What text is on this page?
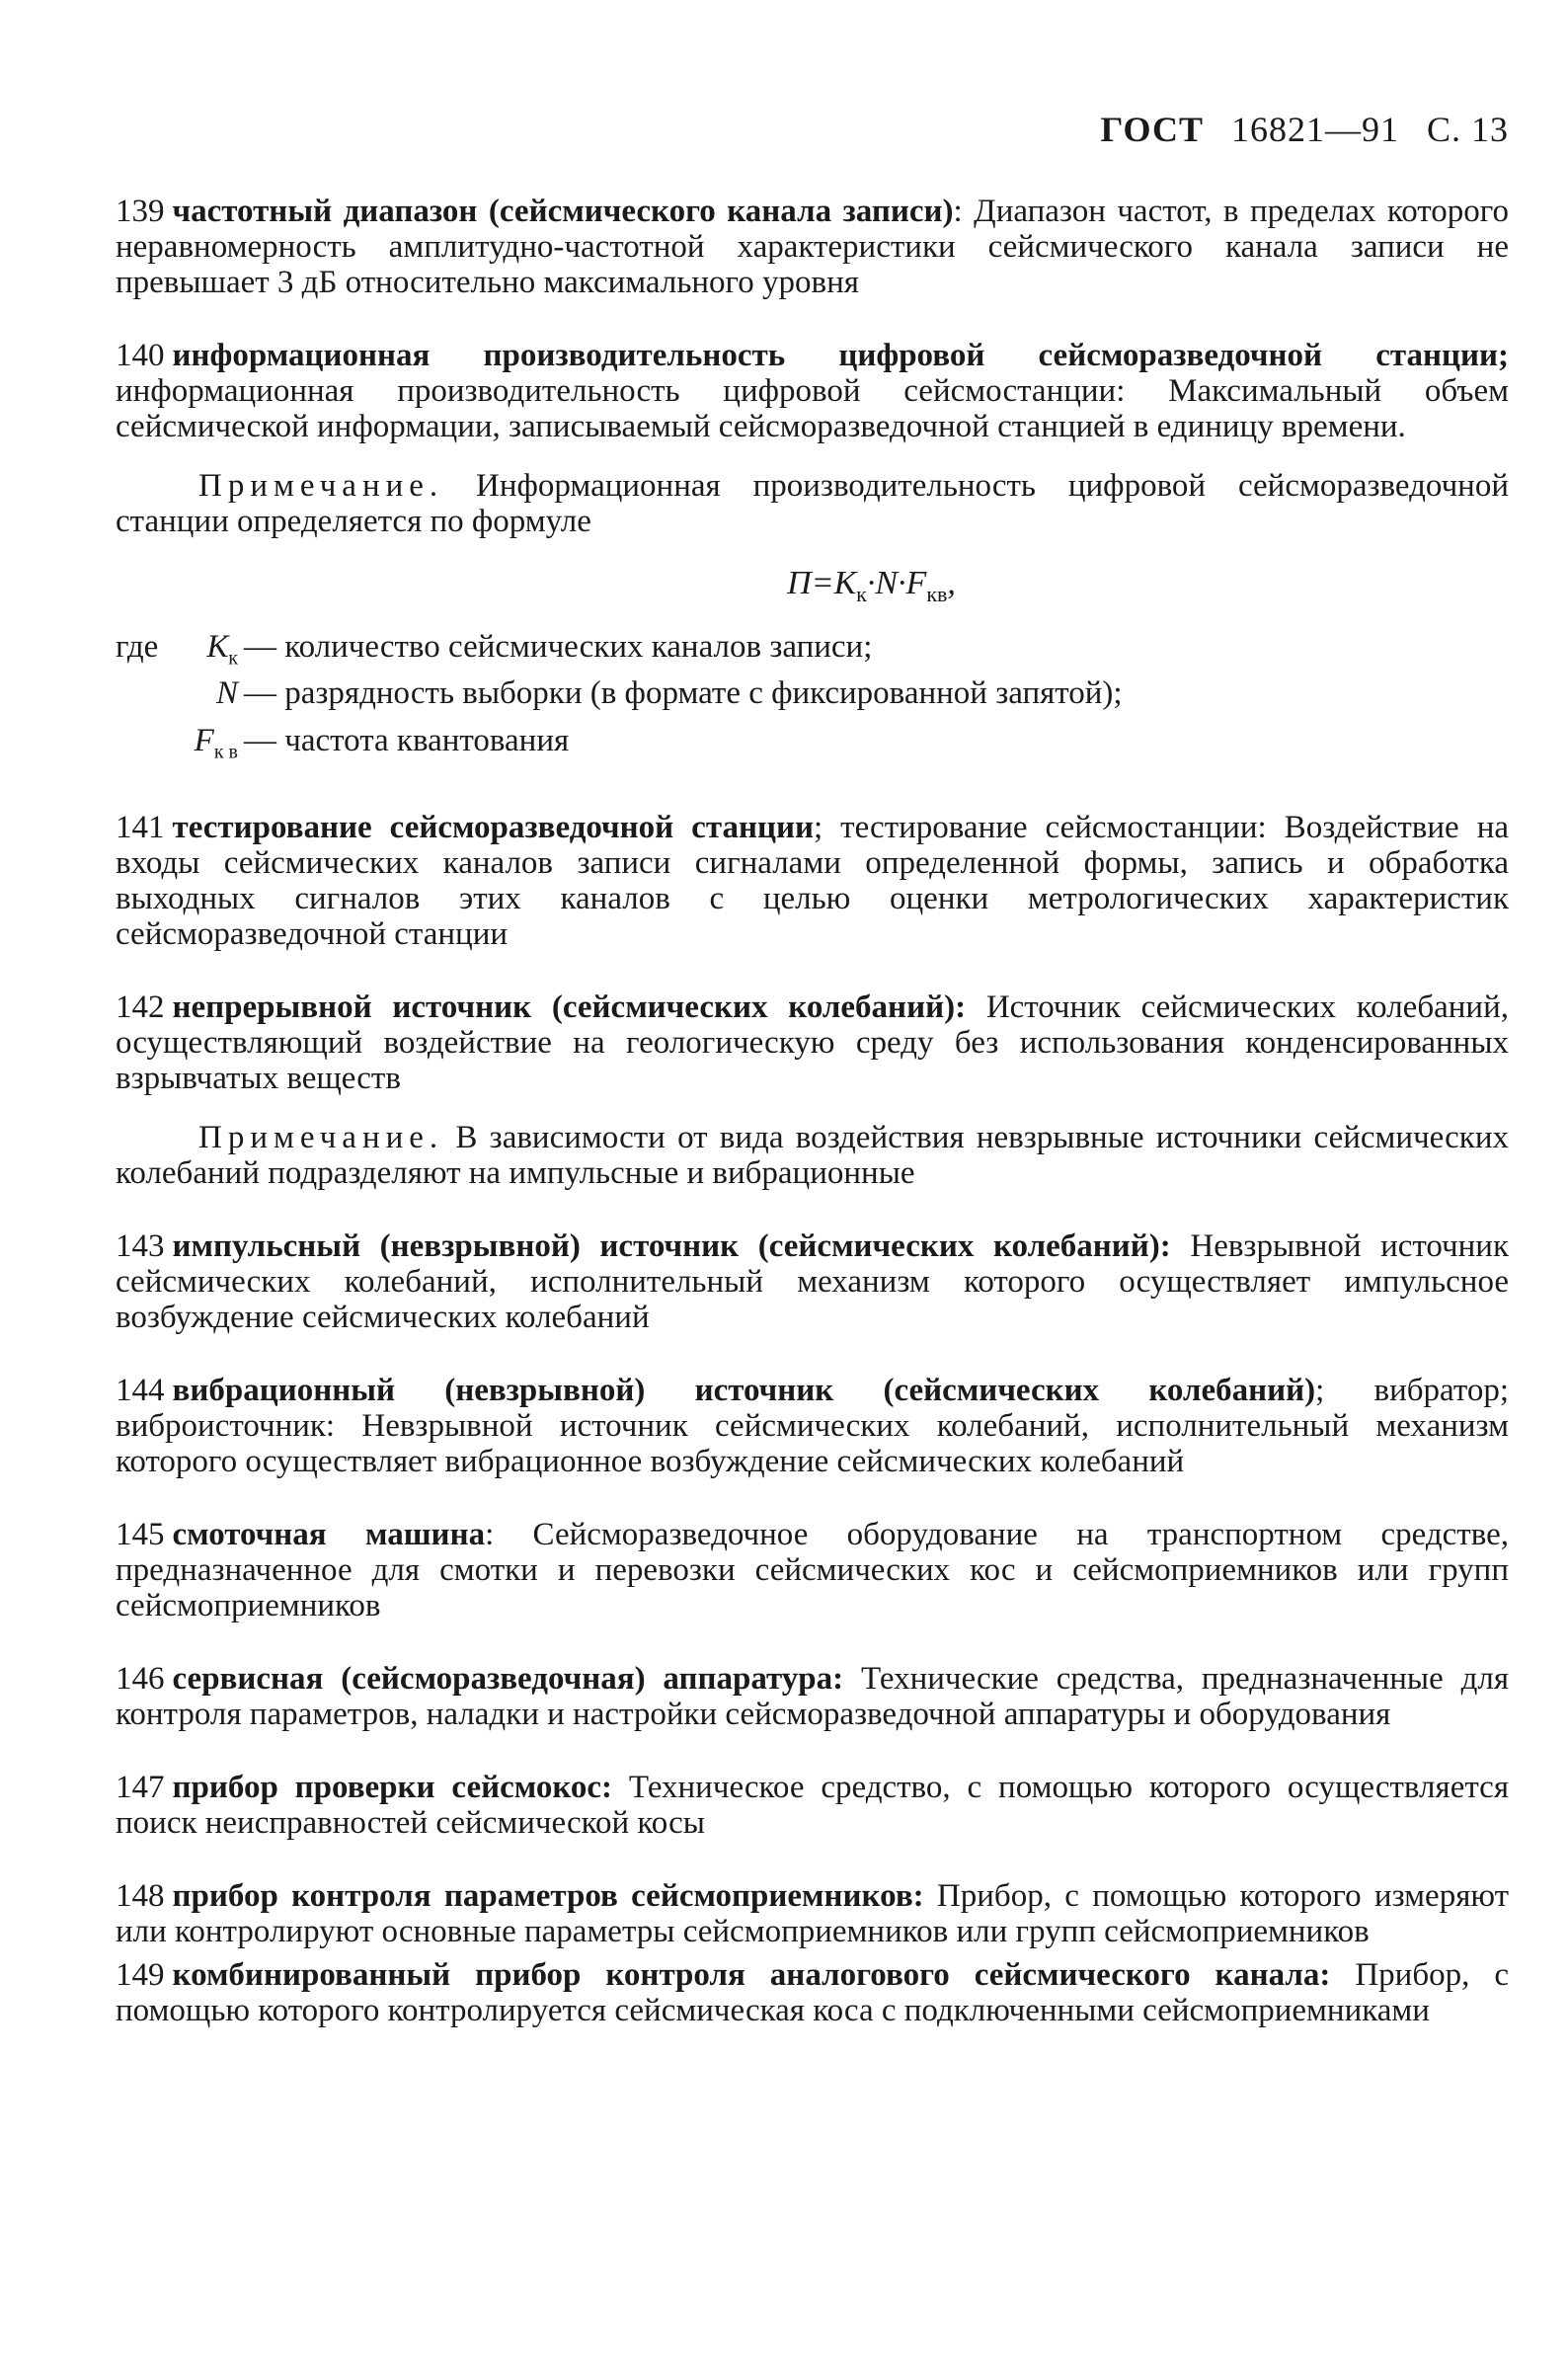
ГОСТ 16821—91 С. 13

139 частотный диапазон (сейсмического канала записи): Диапазон частот, в пределах которого неравномерность амплитудно-частотной характеристики сейсмического канала записи не превышает 3 дБ относительно максимального уровня

140 информационная производительность цифровой сейсморазведочной станции; информационная производительность цифровой сейсмостанции: Максимальный объем сейсмической информации, записываемый сейсморазведочной станцией в единицу времени.

Примечание. Информационная производительность цифровой сейсморазведочной станции определяется по формуле

$П=К_к\cdot N\cdot F_{кв}$,
где	$К_к$ — количество сейсмических каналов записи;
N — разрядность выборки (в формате с фиксированной запятой);
$F_{к в}$ — частота квантования

141 тестирование сейсморазведочной станции; тестирование сейсмостанции: Воздействие на входы сейсмических каналов записи сигналами определенной формы, запись и обработка выходных сигналов этих каналов с целью оценки метрологических характеристик сейсморазведочной станции

142 непрерывной источник (сейсмических колебаний): Источник сейсмических колебаний, осуществляющий воздействие на геологическую среду без использования конденсированных взрывчатых веществ

Примечание. В зависимости от вида воздействия невзрывные источники сейсмических колебаний подразделяют на импульсные и вибрационные

143 импульсный (невзрывной) источник (сейсмических колебаний): Невзрывной источник сейсмических колебаний, исполнительный механизм которого осуществляет импульсное возбуждение сейсмических колебаний

144 вибрационный (невзрывной) источник (сейсмических колебаний); вибратор; виброисточник: Невзрывной источник сейсмических колебаний, исполнительный механизм которого осуществляет вибрационное возбуждение сейсмических колебаний

145 смоточная машина: Сейсморазведочное оборудование на транспортном средстве, предназначенное для смотки и перевозки сейсмических кос и сейсмоприемников или групп сейсмоприемников

146 сервисная (сейсморазведочная) аппаратура: Технические средства, предназначенные для контроля параметров, наладки и настройки сейсморазведочной аппаратуры и оборудования

147 прибор проверки сейсмокос: Техническое средство, с помощью которого осуществляется поиск неисправностей сейсмической косы

148 прибор контроля параметров сейсмоприемников: Прибор, с помощью которого измеряют или контролируют основные параметры сейсмоприемников или групп сейсмоприемников

149 комбинированный прибор контроля аналогового сейсмического канала: Прибор, с помощью которого контролируется сейсмическая коса с подключенными сейсмоприемниками
